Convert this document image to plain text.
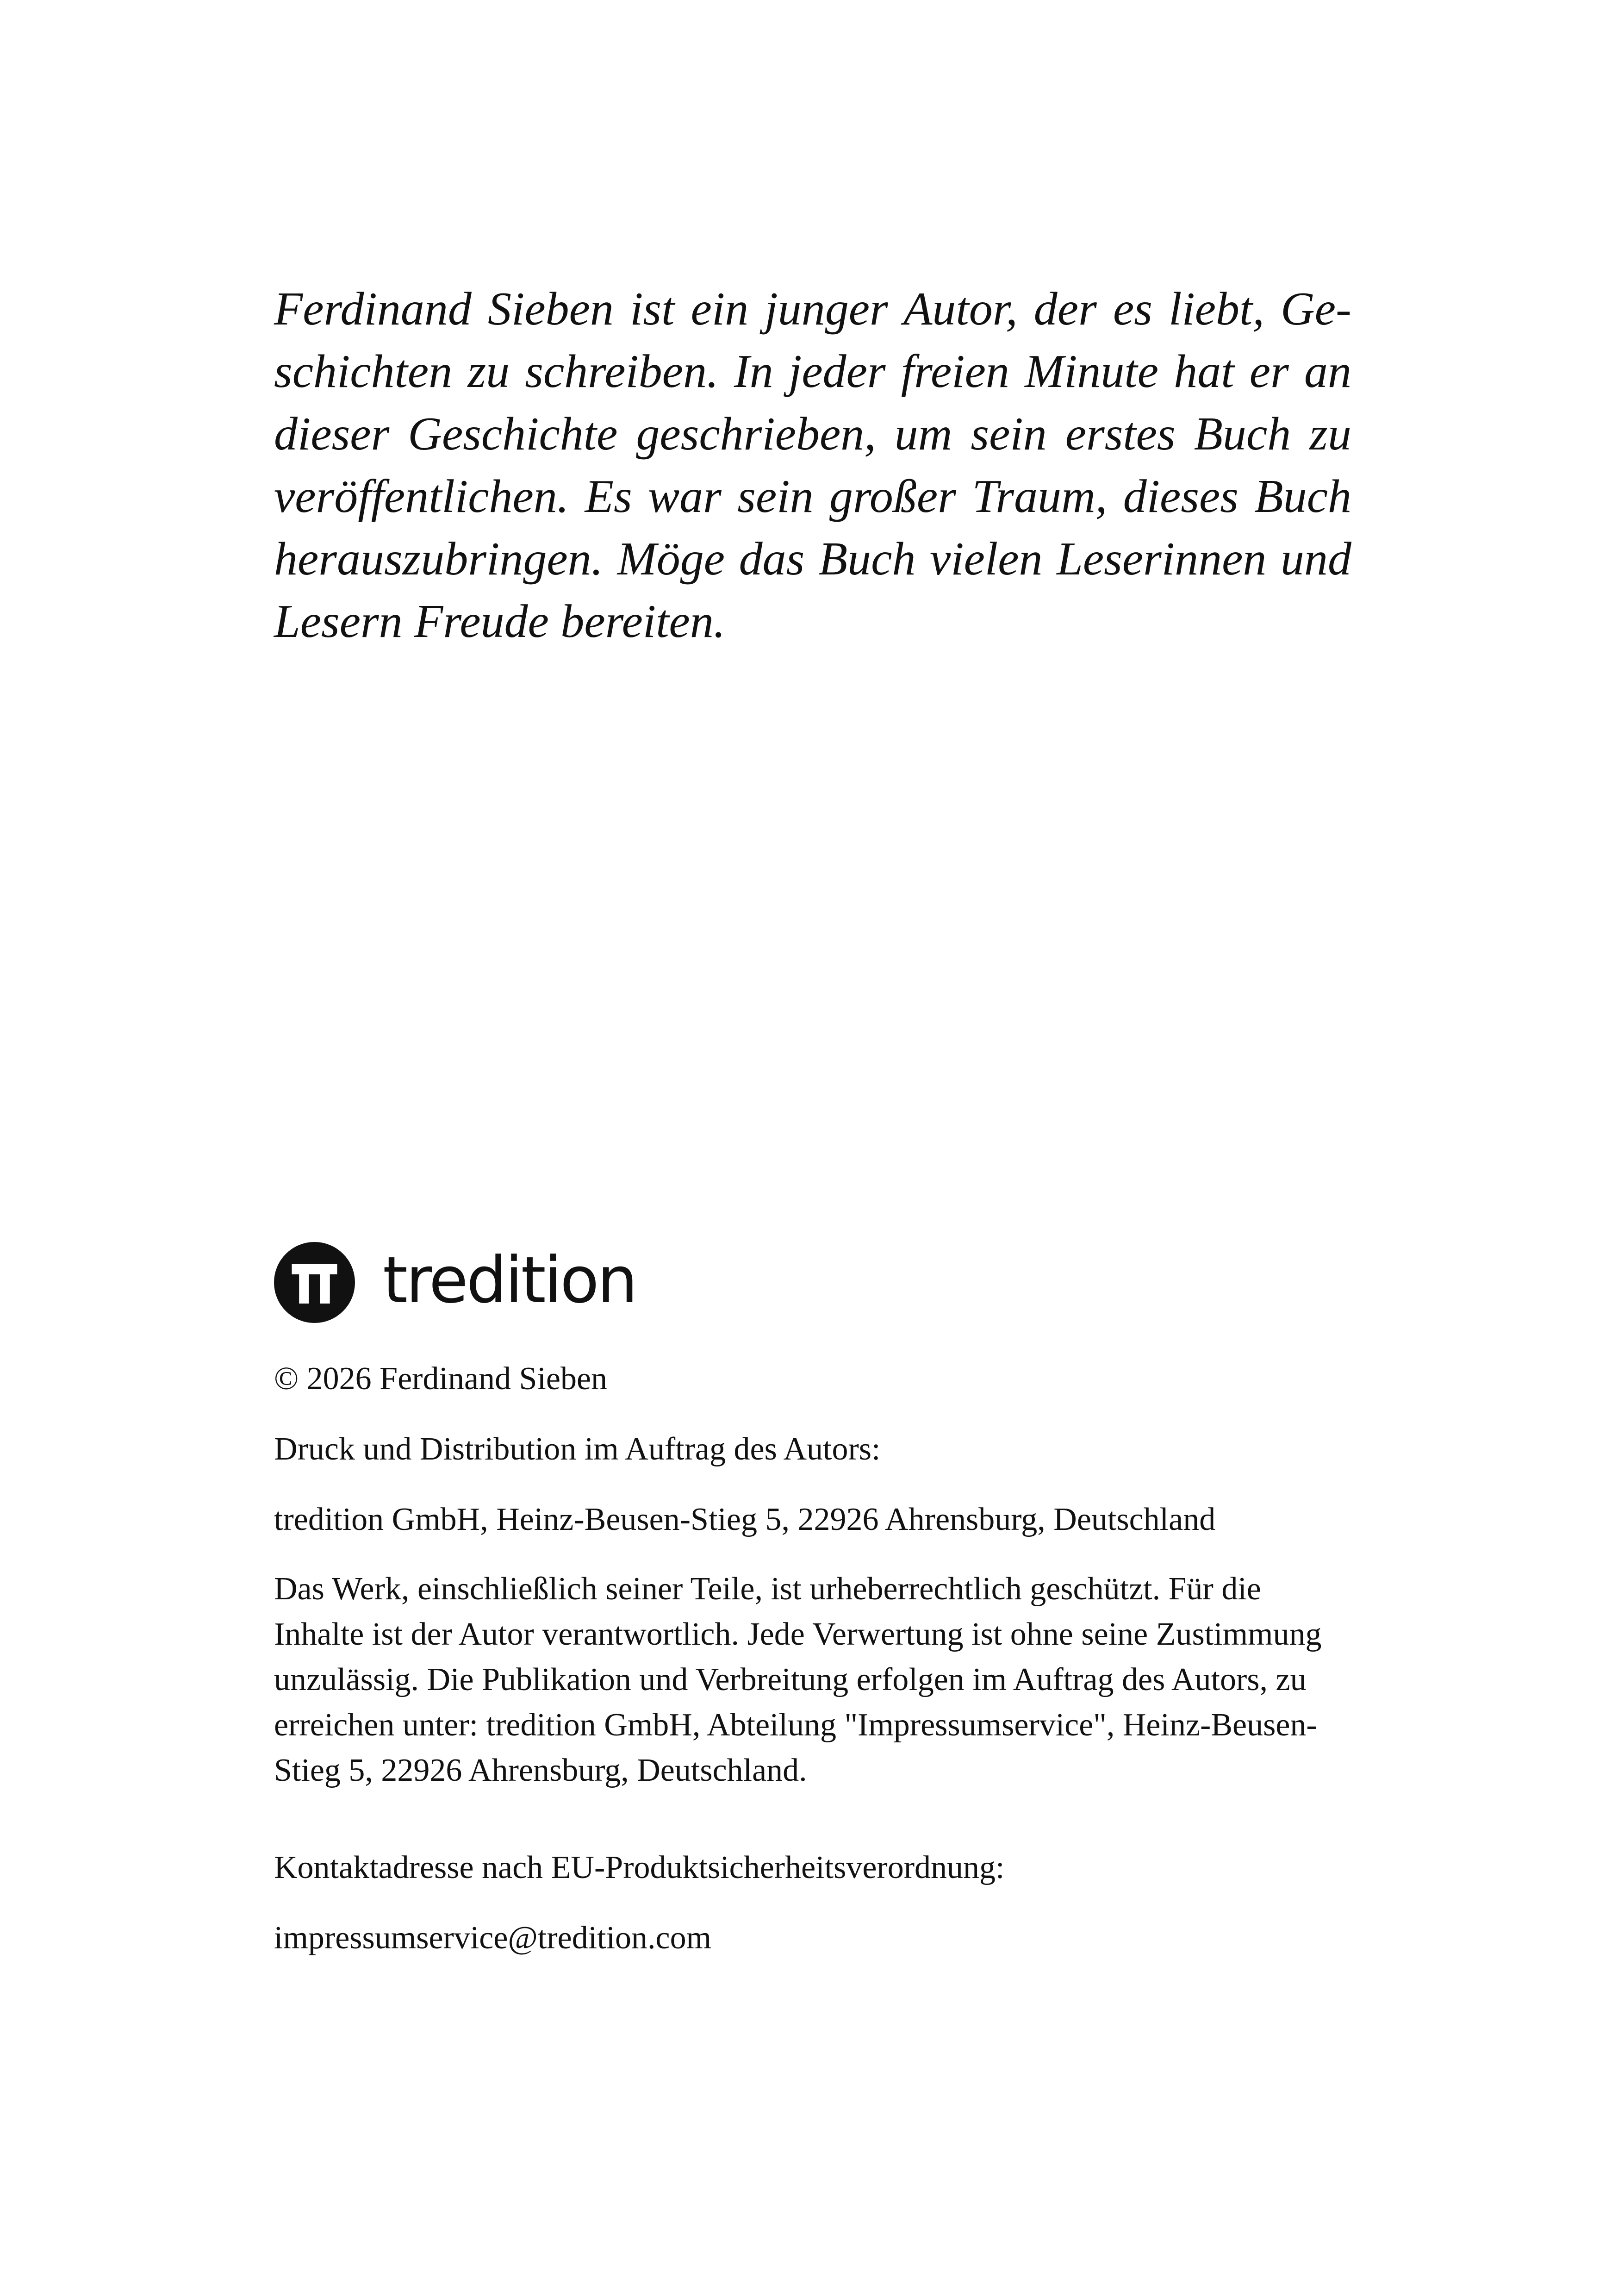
Ferdinand Sieben ist ein junger Autor, der es liebt, Geschichten zu schreiben. In jeder freien Minute hat er an dieser Geschichte geschrieben, um sein erstes Buch zu veröffentlichen. Es war sein großer Traum, dieses Buch herauszubringen. Möge das Buch vielen Leserinnen und Lesern Freude bereiten.

tredition

© 2026 Ferdinand Sieben

Druck und Distribution im Auftrag des Autors:

tredition GmbH, Heinz-Beusen-Stieg 5, 22926 Ahrensburg, Deutschland

Das Werk, einschließlich seiner Teile, ist urheberrechtlich geschützt. Für die Inhalte ist der Autor verantwortlich. Jede Verwertung ist ohne seine Zustimmung unzulässig. Die Publikation und Verbreitung erfolgen im Auftrag des Autors, zu erreichen unter: tredition GmbH, Abteilung "Impressumservice", Heinz-Beusen-Stieg 5, 22926 Ahrensburg, Deutschland.

Kontaktadresse nach EU-Produktsicherheitsverordnung:

impressumservice@tredition.com
